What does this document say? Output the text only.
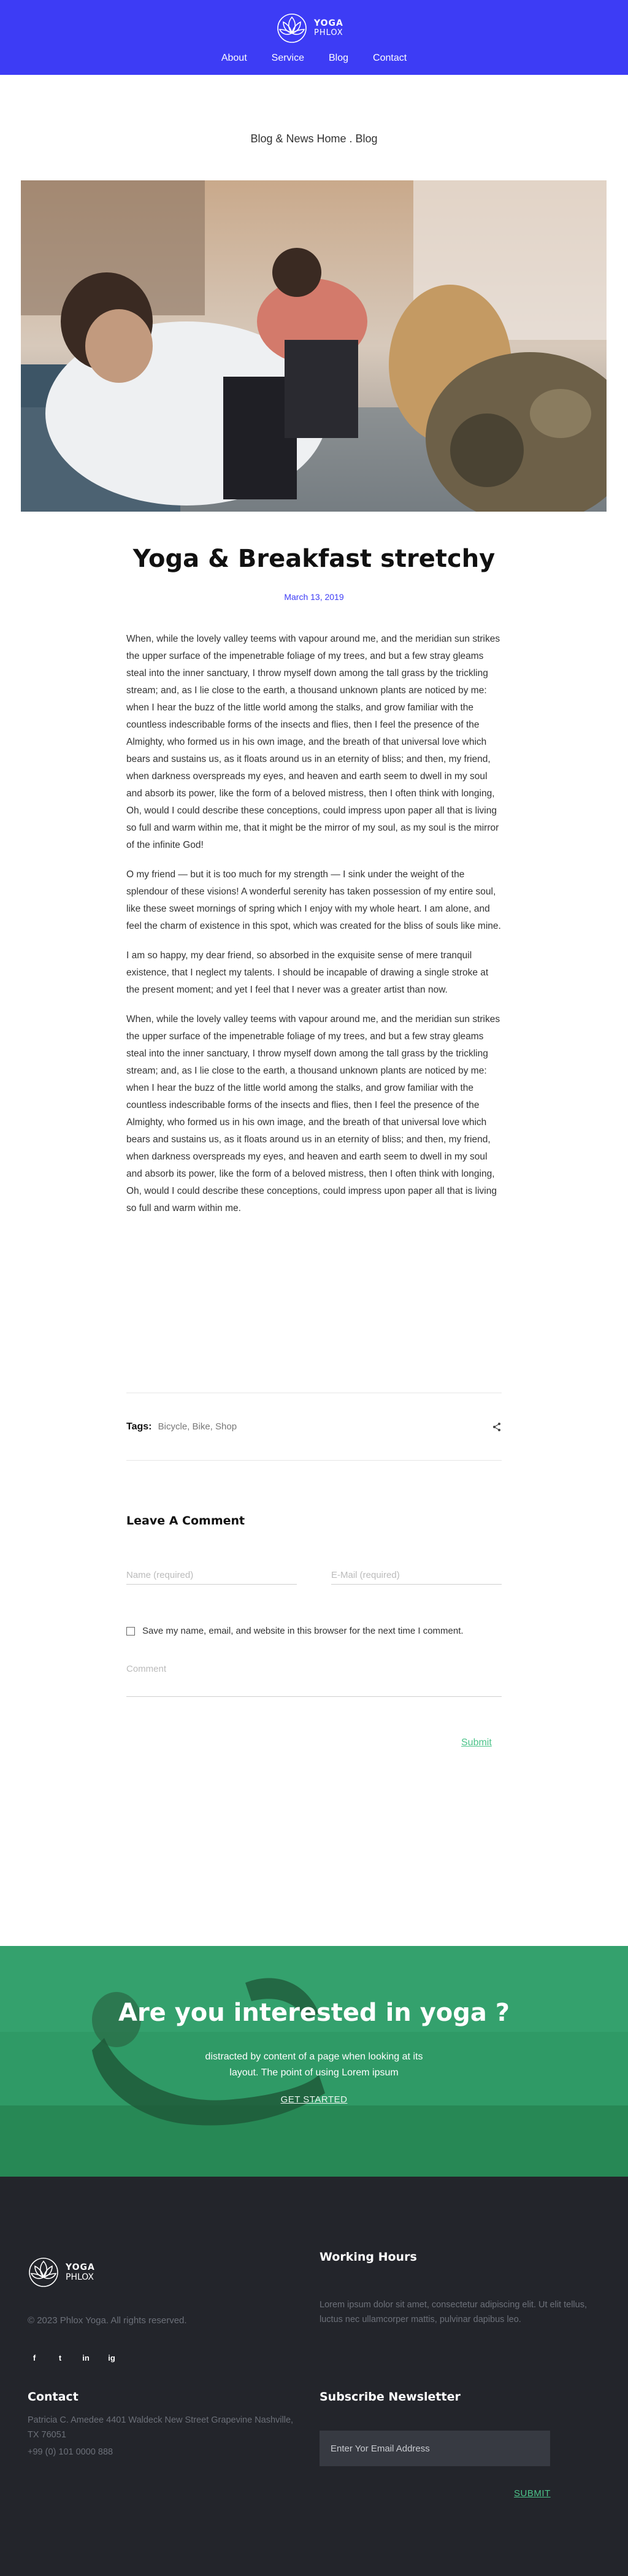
YOGA
PHLOX
About	Service	Blog	Contact
Blog & News Home . Blog
Yoga & Breakfast stretchy
March 13, 2019

When, while the lovely valley teems with vapour around me, and the meridian sun strikes the upper surface of the impenetrable foliage of my trees, and but a few stray gleams steal into the inner sanctuary, I throw myself down among the tall grass by the trickling stream; and, as I lie close to the earth, a thousand unknown plants are noticed by me: when I hear the buzz of the little world among the stalks, and grow familiar with the countless indescribable forms of the insects and flies, then I feel the presence of the Almighty, who formed us in his own image, and the breath of that universal love which bears and sustains us, as it floats around us in an eternity of bliss; and then, my friend, when darkness overspreads my eyes, and heaven and earth seem to dwell in my soul and absorb its power, like the form of a beloved mistress, then I often think with longing, Oh, would I could describe these conceptions, could impress upon paper all that is living so full and warm within me, that it might be the mirror of my soul, as my soul is the mirror of the infinite God!

O my friend — but it is too much for my strength — I sink under the weight of the splendour of these visions! A wonderful serenity has taken possession of my entire soul, like these sweet mornings of spring which I enjoy with my whole heart. I am alone, and feel the charm of existence in this spot, which was created for the bliss of souls like mine.

I am so happy, my dear friend, so absorbed in the exquisite sense of mere tranquil existence, that I neglect my talents. I should be incapable of drawing a single stroke at the present moment; and yet I feel that I never was a greater artist than now.

When, while the lovely valley teems with vapour around me, and the meridian sun strikes the upper surface of the impenetrable foliage of my trees, and but a few stray gleams steal into the inner sanctuary, I throw myself down among the tall grass by the trickling stream; and, as I lie close to the earth, a thousand unknown plants are noticed by me: when I hear the buzz of the little world among the stalks, and grow familiar with the countless indescribable forms of the insects and flies, then I feel the presence of the Almighty, who formed us in his own image, and the breath of that universal love which bears and sustains us, as it floats around us in an eternity of bliss; and then, my friend, when darkness overspreads my eyes, and heaven and earth seem to dwell in my soul and absorb its power, like the form of a beloved mistress, then I often think with longing, Oh, would I could describe these conceptions, could impress upon paper all that is living so full and warm within me.

Tags: Bicycle, Bike, Shop
Leave A Comment
Name (required)
E-Mail (required)
Save my name, email, and website in this browser for the next time I comment.
Comment
Submit
Are you interested in yoga ?

distracted by content of a page when looking at its layout. The point of using Lorem ipsum

GET STARTED
YOGA
PHLOX
© 2023 Phlox Yoga. All rights reserved.
f	t	in	ig
Contact
Patricia C. Amedee 4401 Waldeck New Street Grapevine Nashville, TX 76051
+99 (0) 101 0000 888
Working Hours
Lorem ipsum dolor sit amet, consectetur adipiscing elit. Ut elit tellus, luctus nec ullamcorper mattis, pulvinar dapibus leo.
Subscribe Newsletter
Enter Yor Email Address
SUBMIT
